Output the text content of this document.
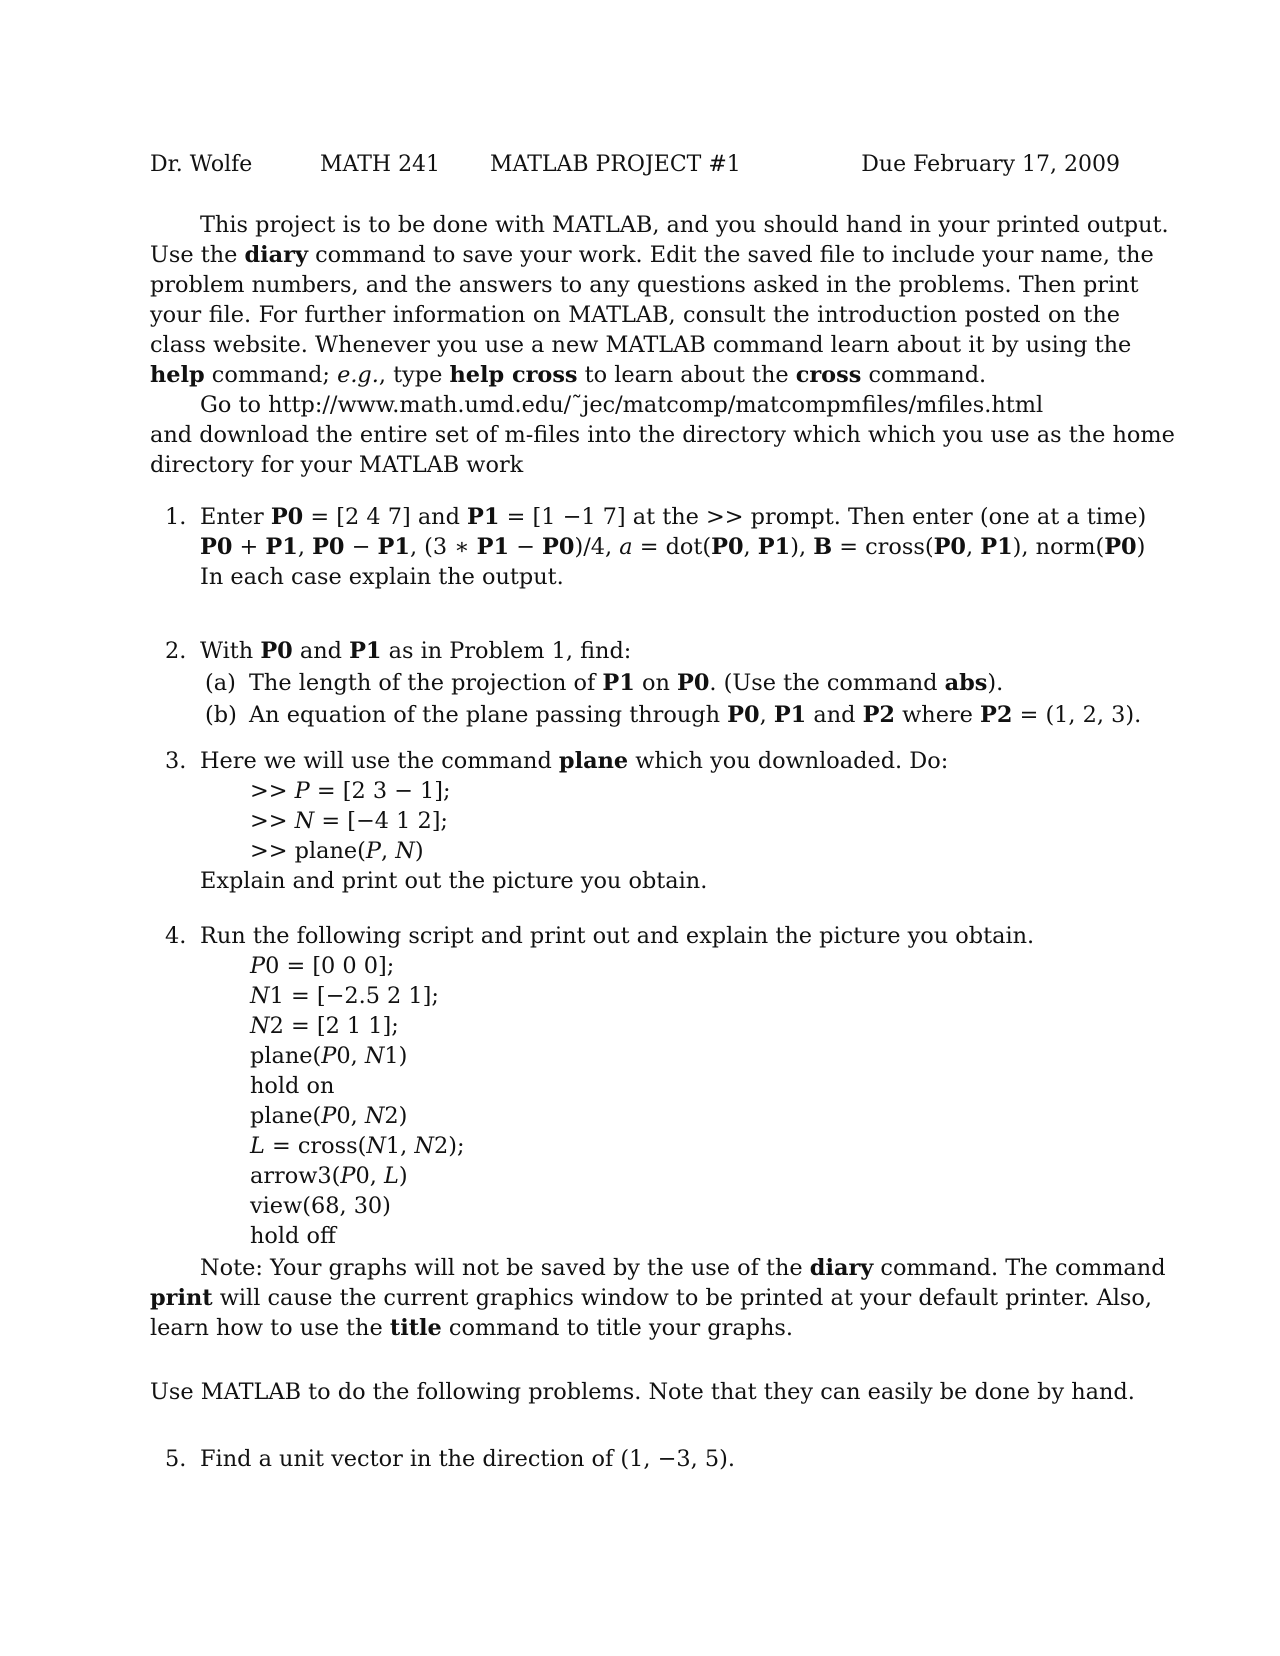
Dr. Wolfe	MATH 241 MATLAB PROJECT #1	Due February 17, 2009
This project is to be done with MATLAB, and you should hand in your printed output.
Use the diary command to save your work. Edit the saved file to include your name, the
problem numbers, and the answers to any questions asked in the problems. Then print
your file. For further information on MATLAB, consult the introduction posted on the
class website. Whenever you use a new MATLAB command learn about it by using the
help command; e.g., type help cross to learn about the cross command.
Go to http://www.math.umd.edu/˜jec/matcomp/matcompmfiles/mfiles.html
and download the entire set of m-files into the directory which which you use as the home
directory for your MATLAB work
1. Enter P0 = [2 4 7] and P1 = [1 −1 7] at the >> prompt. Then enter (one at a time)
P0 + P1, P0 − P1, (3 ∗ P1 − P0)/4, a = dot(P0, P1), B = cross(P0, P1), norm(P0)
In each case explain the output.
2. With P0 and P1 as in Problem 1, find:
(a) The length of the projection of P1 on P0. (Use the command abs).
(b) An equation of the plane passing through P0, P1 and P2 where P2 = (1, 2, 3).
3. Here we will use the command plane which you downloaded. Do:
>> P = [2 3 − 1];
>> N = [−4 1 2];
>> plane(P, N)
Explain and print out the picture you obtain.
4. Run the following script and print out and explain the picture you obtain.
P0 = [0 0 0];
N1 = [−2.5 2 1];
N2 = [2 1 1];
plane(P0, N1)
hold on
plane(P0, N2)
L = cross(N1, N2);
arrow3(P0, L)
view(68, 30)
hold off
Note: Your graphs will not be saved by the use of the diary command. The command
print will cause the current graphics window to be printed at your default printer. Also,
learn how to use the title command to title your graphs.
Use MATLAB to do the following problems. Note that they can easily be done by hand.
5. Find a unit vector in the direction of (1, −3, 5).
